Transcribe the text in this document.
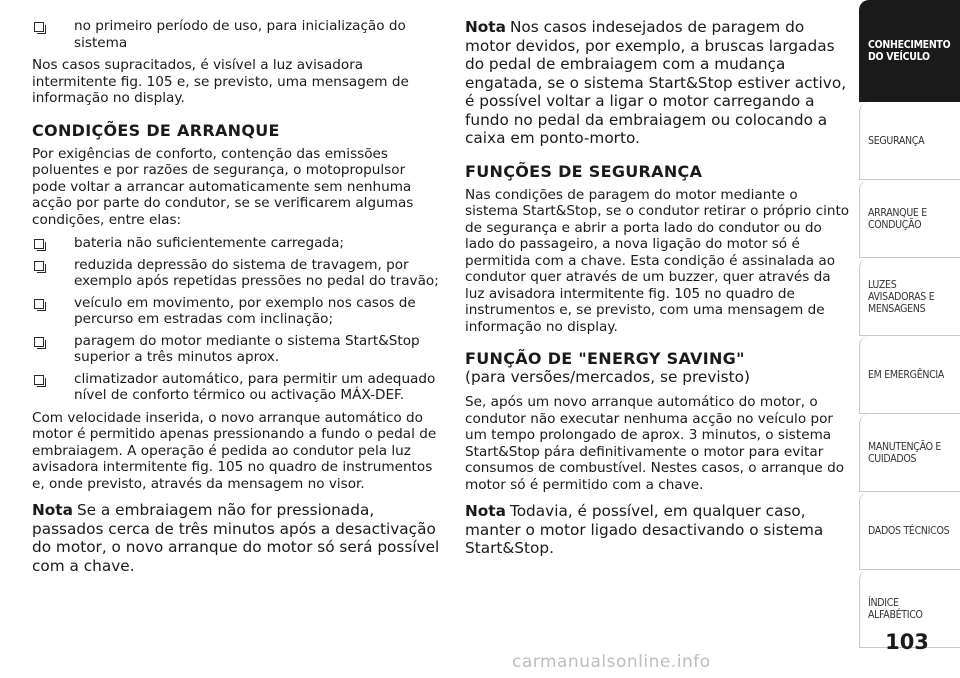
no primeiro período de uso, para inicialização do sistema

Nos casos supracitados, é visível a luz avisadora intermitente fig. 105 e, se previsto, uma mensagem de informação no display.

CONDIÇÕES DE ARRANQUE

Por exigências de conforto, contenção das emissões poluentes e por razões de segurança, o motopropulsor pode voltar a arrancar automaticamente sem nenhuma acção por parte do condutor, se se verificarem algumas condições, entre elas:

bateria não suficientemente carregada;
reduzida depressão do sistema de travagem, por exemplo após repetidas pressões no pedal do travão;
veículo em movimento, por exemplo nos casos de percurso em estradas com inclinação;
paragem do motor mediante o sistema Start&Stop superior a três minutos aprox.
climatizador automático, para permitir um adequado nível de conforto térmico ou activação MÁX-DEF.

Com velocidade inserida, o novo arranque automático do motor é permitido apenas pressionando a fundo o pedal de embraiagem. A operação é pedida ao condutor pela luz avisadora intermitente fig. 105 no quadro de instrumentos e, onde previsto, através da mensagem no visor.

Nota Se a embraiagem não for pressionada, passados cerca de três minutos após a desactivação do motor, o novo arranque do motor só será possível com a chave.

Nota Nos casos indesejados de paragem do motor devidos, por exemplo, a bruscas largadas do pedal de embraiagem com a mudança engatada, se o sistema Start&Stop estiver activo, é possível voltar a ligar o motor carregando a fundo no pedal da embraiagem ou colocando a caixa em ponto-morto.

FUNÇÕES DE SEGURANÇA

Nas condições de paragem do motor mediante o sistema Start&Stop, se o condutor retirar o próprio cinto de segurança e abrir a porta lado do condutor ou do lado do passageiro, a nova ligação do motor só é permitida com a chave. Esta condição é assinalada ao condutor quer através de um buzzer, quer através da luz avisadora intermitente fig. 105 no quadro de instrumentos e, se previsto, com uma mensagem de informação no display.

FUNÇÃO DE "ENERGY SAVING"
(para versões/mercados, se previsto)

Se, após um novo arranque automático do motor, o condutor não executar nenhuma acção no veículo por um tempo prolongado de aprox. 3 minutos, o sistema Start&Stop pára definitivamente o motor para evitar consumos de combustível. Nestes casos, o arranque do motor só é permitido com a chave.

Nota Todavia, é possível, em qualquer caso, manter o motor ligado desactivando o sistema Start&Stop.

CONHECIMENTO DO VEÍCULO
SEGURANÇA
ARRANQUE E CONDUÇÃO
LUZES AVISADORAS E MENSAGENS
EM EMERGÊNCIA
MANUTENÇÃO E CUIDADOS
DADOS TÉCNICOS
ÍNDICE ALFABÉTICO
103
carmanualsonline.info
